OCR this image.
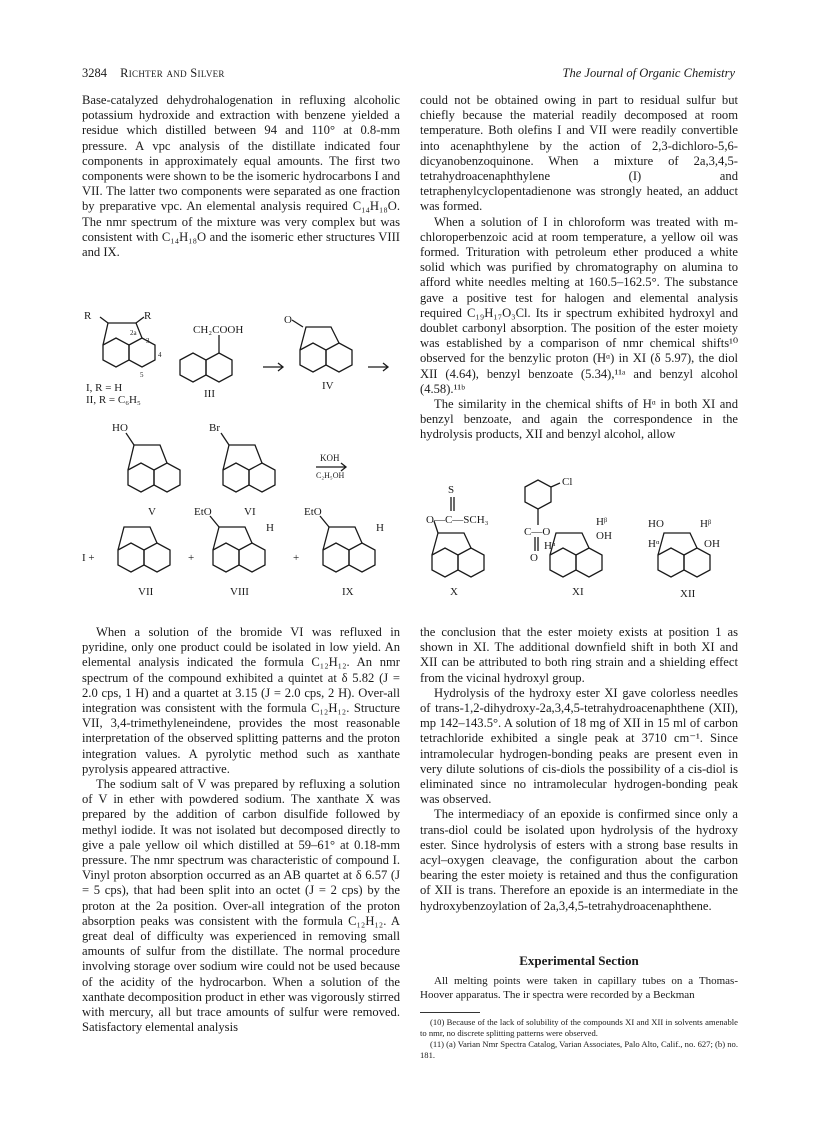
3284 Richter and Silver	The Journal of Organic Chemistry

Base-catalyzed dehydrohalogenation in refluxing alcoholic potassium hydroxide and extraction with benzene yielded a residue which distilled between 94 and 110° at 0.8-mm pressure. A vpc analysis of the distillate indicated four components in approximately equal amounts. The first two components were shown to be the isomeric hydrocarbons I and VII. The latter two components were separated as one fraction by preparative vpc. An elemental analysis required C₁₄H₁₈O. The nmr spectrum of the mixture was very complex but was consistent with C₁₄H₁₈O and the isomeric ether structures VIII and IX.

could not be obtained owing in part to residual sulfur but chiefly because the material readily decomposed at room temperature. Both olefins I and VII were readily convertible into acenaphthylene by the action of 2,3-dichloro-5,6-dicyanobenzoquinone. When a mixture of 2a,3,4,5-tetrahydroacenaphthylene (I) and tetraphenylcyclopentadienone was strongly heated, an adduct was formed.

When a solution of I in chloroform was treated with m-chloroperbenzoic acid at room temperature, a yellow oil was formed. Trituration with petroleum ether produced a white solid which was purified by chromatography on alumina to afford white needles melting at 160.5–162.5°. The substance gave a positive test for halogen and elemental analysis required C₁₉H₁₇O₃Cl. Its ir spectrum exhibited hydroxyl and doublet carbonyl absorption. The position of the ester moiety was established by a comparison of nmr chemical shifts¹⁰ observed for the benzylic proton (Hᵅ) in XI (δ 5.97), the diol XII (4.64), benzyl benzoate (5.34),¹¹ᵃ and benzyl alcohol (4.58).¹¹ᵇ

The similarity in the chemical shifts of Hᵅ in both XI and benzyl benzoate, and again the correspondence in the hydrolysis products, XII and benzyl alcohol, allow

R	R
2a
3
4
5
I, R = H
II, R = C₆H₅
CH₂COOH
III
O
IV
HO
V
Br
VI
KOH
C₂H₅OH
I +	+	+
VII
EtO
H
VIII
EtO
H
IX
S
O—C—SCH₃
X
Cl
C—O
O
Hᵝ
OH
Hᵅ
XI
HO	Hᵝ
Hᵅ	OH
XII

When a solution of the bromide VI was refluxed in pyridine, only one product could be isolated in low yield. An elemental analysis indicated the formula C₁₂H₁₂. An nmr spectrum of the compound exhibited a quintet at δ 5.82 (J = 2.0 cps, 1 H) and a quartet at 3.15 (J = 2.0 cps, 2 H). Over-all integration was consistent with the formula C₁₂H₁₂. Structure VII, 3,4-trimethyleneindene, provides the most reasonable interpretation of the observed splitting patterns and the proton integration values. A pyrolytic method such as xanthate pyrolysis appeared attractive.

The sodium salt of V was prepared by refluxing a solution of V in ether with powdered sodium. The xanthate X was prepared by the addition of carbon disulfide followed by methyl iodide. It was not isolated but decomposed directly to give a pale yellow oil which distilled at 59–61° at 0.18-mm pressure. The nmr spectrum was characteristic of compound I. Vinyl proton absorption occurred as an AB quartet at δ 6.57 (J = 5 cps), that had been split into an octet (J = 2 cps) by the proton at the 2a position. Over-all integration of the proton absorption peaks was consistent with the formula C₁₂H₁₂. A great deal of difficulty was experienced in removing small amounts of sulfur from the distillate. The normal procedure involving storage over sodium wire could not be used because of the acidity of the hydrocarbon. When a solution of the xanthate decomposition product in ether was vigorously stirred with mercury, all but trace amounts of sulfur were removed. Satisfactory elemental analysis

the conclusion that the ester moiety exists at position 1 as shown in XI. The additional downfield shift in both XI and XII can be attributed to both ring strain and a shielding effect from the vicinal hydroxyl group.

Hydrolysis of the hydroxy ester XI gave colorless needles of trans-1,2-dihydroxy-2a,3,4,5-tetrahydroacenaphthene (XII), mp 142–143.5°. A solution of 18 mg of XII in 15 ml of carbon tetrachloride exhibited a single peak at 3710 cm⁻¹. Since intramolecular hydrogen-bonding peaks are present even in very dilute solutions of cis-diols the possibility of a cis-diol is eliminated since no intramolecular hydrogen-bonding peak was observed.

The intermediacy of an epoxide is confirmed since only a trans-diol could be isolated upon hydrolysis of the hydroxy ester. Since hydrolysis of esters with a strong base results in acyl–oxygen cleavage, the configuration about the carbon bearing the ester moiety is retained and thus the configuration of XII is trans. Therefore an epoxide is an intermediate in the hydroxybenzoylation of 2a,3,4,5-tetrahydroacenaphthene.

Experimental Section

All melting points were taken in capillary tubes on a Thomas-Hoover apparatus. The ir spectra were recorded by a Beckman

(10) Because of the lack of solubility of the compounds XI and XII in solvents amenable to nmr, no discrete splitting patterns were observed.

(11) (a) Varian Nmr Spectra Catalog, Varian Associates, Palo Alto, Calif., no. 627; (b) no. 181.
